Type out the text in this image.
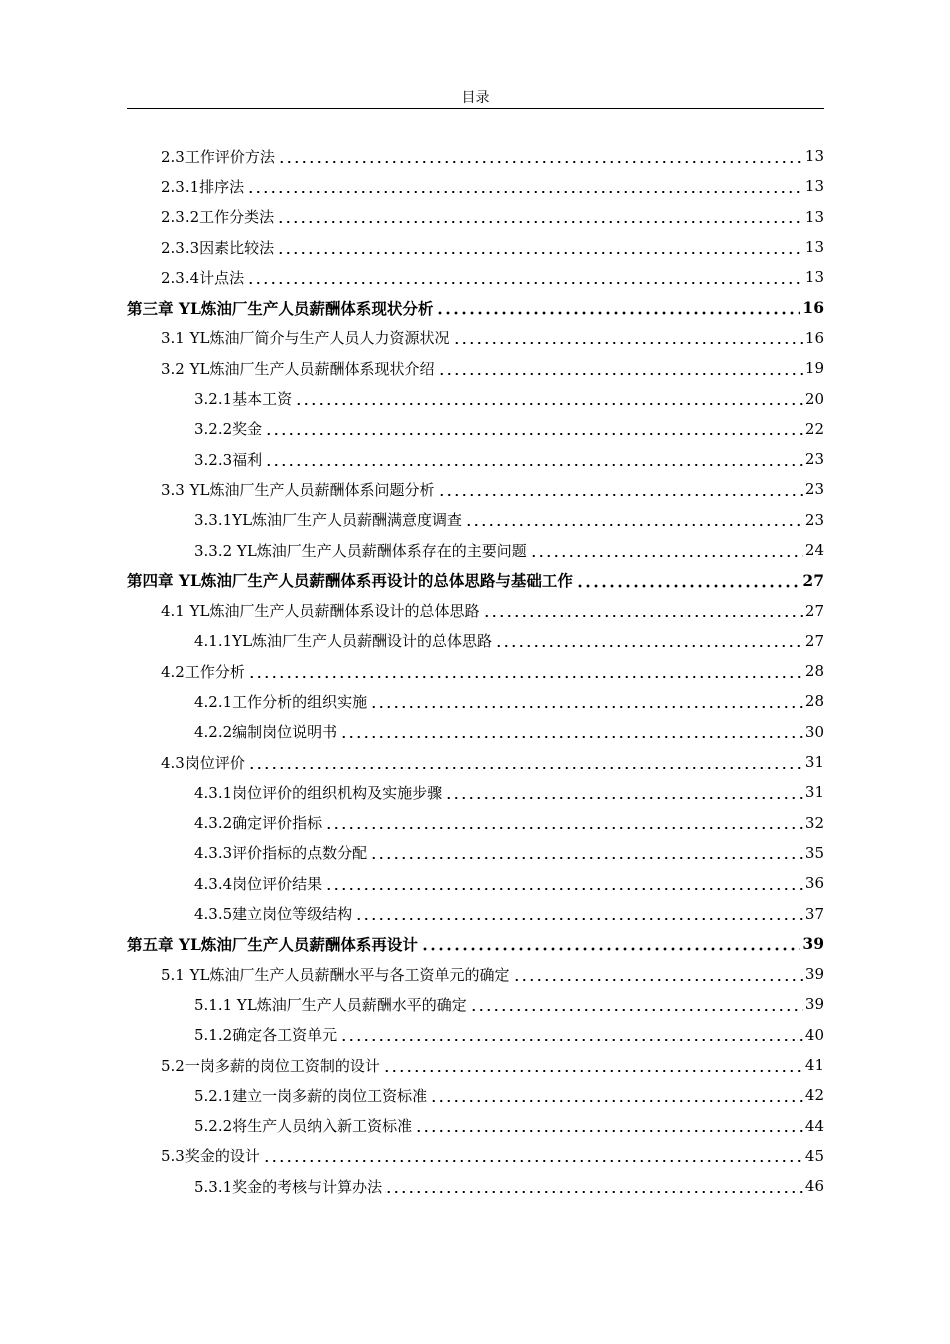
目录
2.3工作评价方法	13
2.3.1排序法	13
2.3.2工作分类法	13
2.3.3因素比较法	13
2.3.4计点法	13
第三章 YL炼油厂生产人员薪酬体系现状分析	16
3.1 YL炼油厂简介与生产人员人力资源状况	16
3.2 YL炼油厂生产人员薪酬体系现状介绍	19
3.2.1基本工资	20
3.2.2奖金	22
3.2.3福利	23
3.3 YL炼油厂生产人员薪酬体系问题分析	23
3.3.1YL炼油厂生产人员薪酬满意度调查	23
3.3.2 YL炼油厂生产人员薪酬体系存在的主要问题	24
第四章 YL炼油厂生产人员薪酬体系再设计的总体思路与基础工作	27
4.1 YL炼油厂生产人员薪酬体系设计的总体思路	27
4.1.1YL炼油厂生产人员薪酬设计的总体思路	27
4.2工作分析	28
4.2.1工作分析的组织实施	28
4.2.2编制岗位说明书	30
4.3岗位评价	31
4.3.1岗位评价的组织机构及实施步骤	31
4.3.2确定评价指标	32
4.3.3评价指标的点数分配	35
4.3.4岗位评价结果	36
4.3.5建立岗位等级结构	37
第五章 YL炼油厂生产人员薪酬体系再设计	39
5.1 YL炼油厂生产人员薪酬水平与各工资单元的确定	39
5.1.1 YL炼油厂生产人员薪酬水平的确定	39
5.1.2确定各工资单元	40
5.2一岗多薪的岗位工资制的设计	41
5.2.1建立一岗多薪的岗位工资标准	42
5.2.2将生产人员纳入新工资标准	44
5.3奖金的设计	45
5.3.1奖金的考核与计算办法	46
